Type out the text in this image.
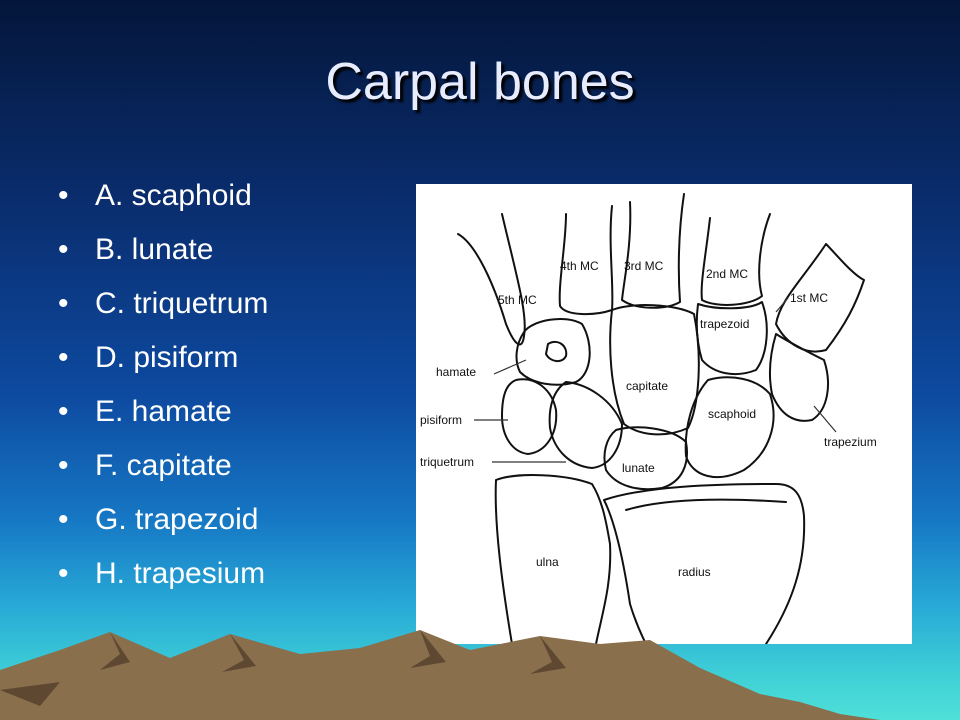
Carpal bones
• A. scaphoid
• B. lunate
• C. triquetrum
• D. pisiform
• E. hamate
• F. capitate
• G. trapezoid
• H. trapesium
4th MC 3rd MC
2nd MC
5th MC	1st MC
trapezoid
hamate
capitate
scaphoid
pisiform
trapezium
triquetrum	lunate
ulna
radius
